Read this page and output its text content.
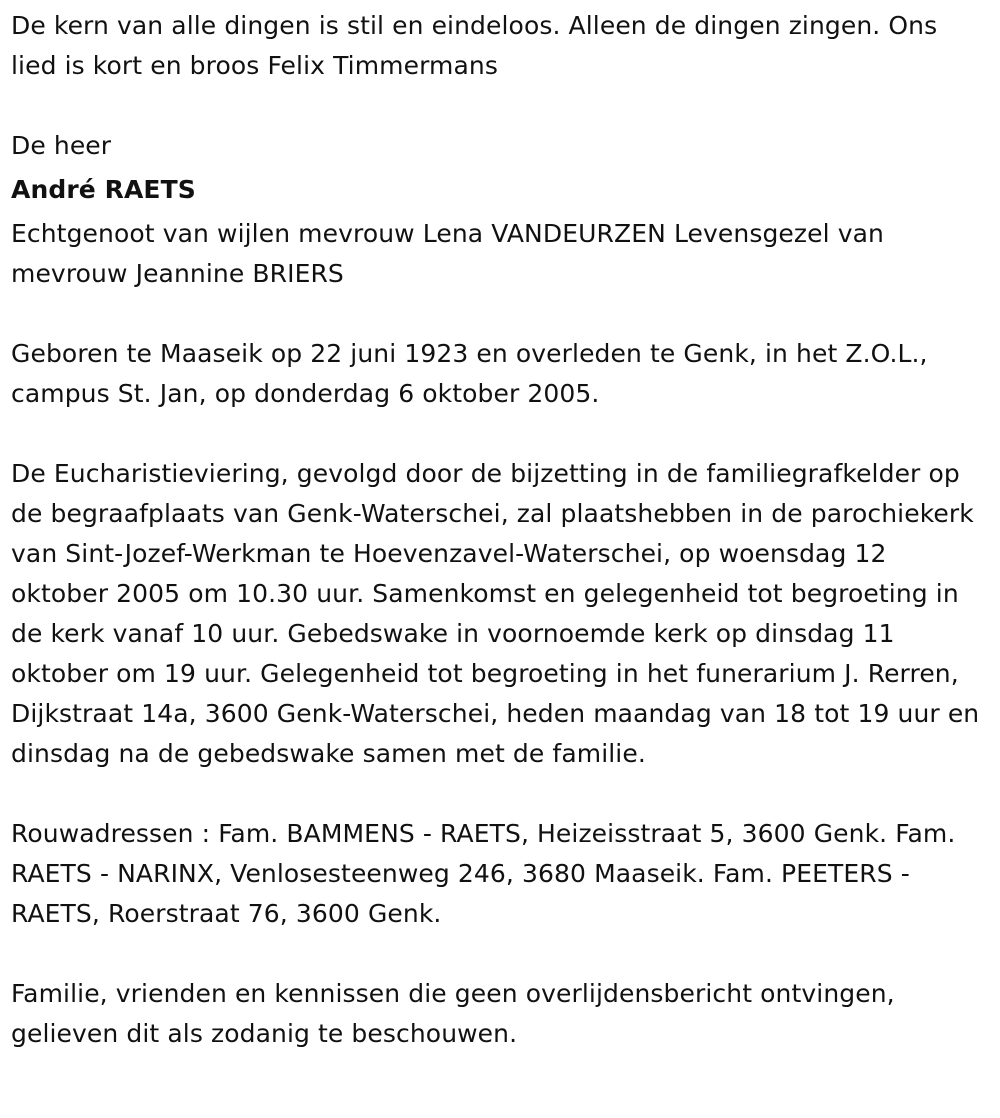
De kern van alle dingen is stil en eindeloos. Alleen de dingen zingen. Ons lied is kort en broos Felix Timmermans

De heer

André RAETS

Echtgenoot van wijlen mevrouw Lena VANDEURZEN Levensgezel van mevrouw Jeannine BRIERS

Geboren te Maaseik op 22 juni 1923 en overleden te Genk, in het Z.O.L., campus St. Jan, op donderdag 6 oktober 2005.

De Eucharistieviering, gevolgd door de bijzetting in de familiegrafkelder op de begraafplaats van Genk-Waterschei, zal plaatshebben in de parochiekerk van Sint-Jozef-Werkman te Hoevenzavel-Waterschei, op woensdag 12 oktober 2005 om 10.30 uur. Samenkomst en gelegenheid tot begroeting in de kerk vanaf 10 uur. Gebedswake in voornoemde kerk op dinsdag 11 oktober om 19 uur. Gelegenheid tot begroeting in het funerarium J. Rerren, Dijkstraat 14a, 3600 Genk-Waterschei, heden maandag van 18 tot 19 uur en dinsdag na de gebedswake samen met de familie.

Rouwadressen : Fam. BAMMENS - RAETS, Heizeisstraat 5, 3600 Genk. Fam. RAETS - NARINX, Venlosesteenweg 246, 3680 Maaseik. Fam. PEETERS - RAETS, Roerstraat 76, 3600 Genk.

Familie, vrienden en kennissen die geen overlijdensbericht ontvingen, gelieven dit als zodanig te beschouwen.
